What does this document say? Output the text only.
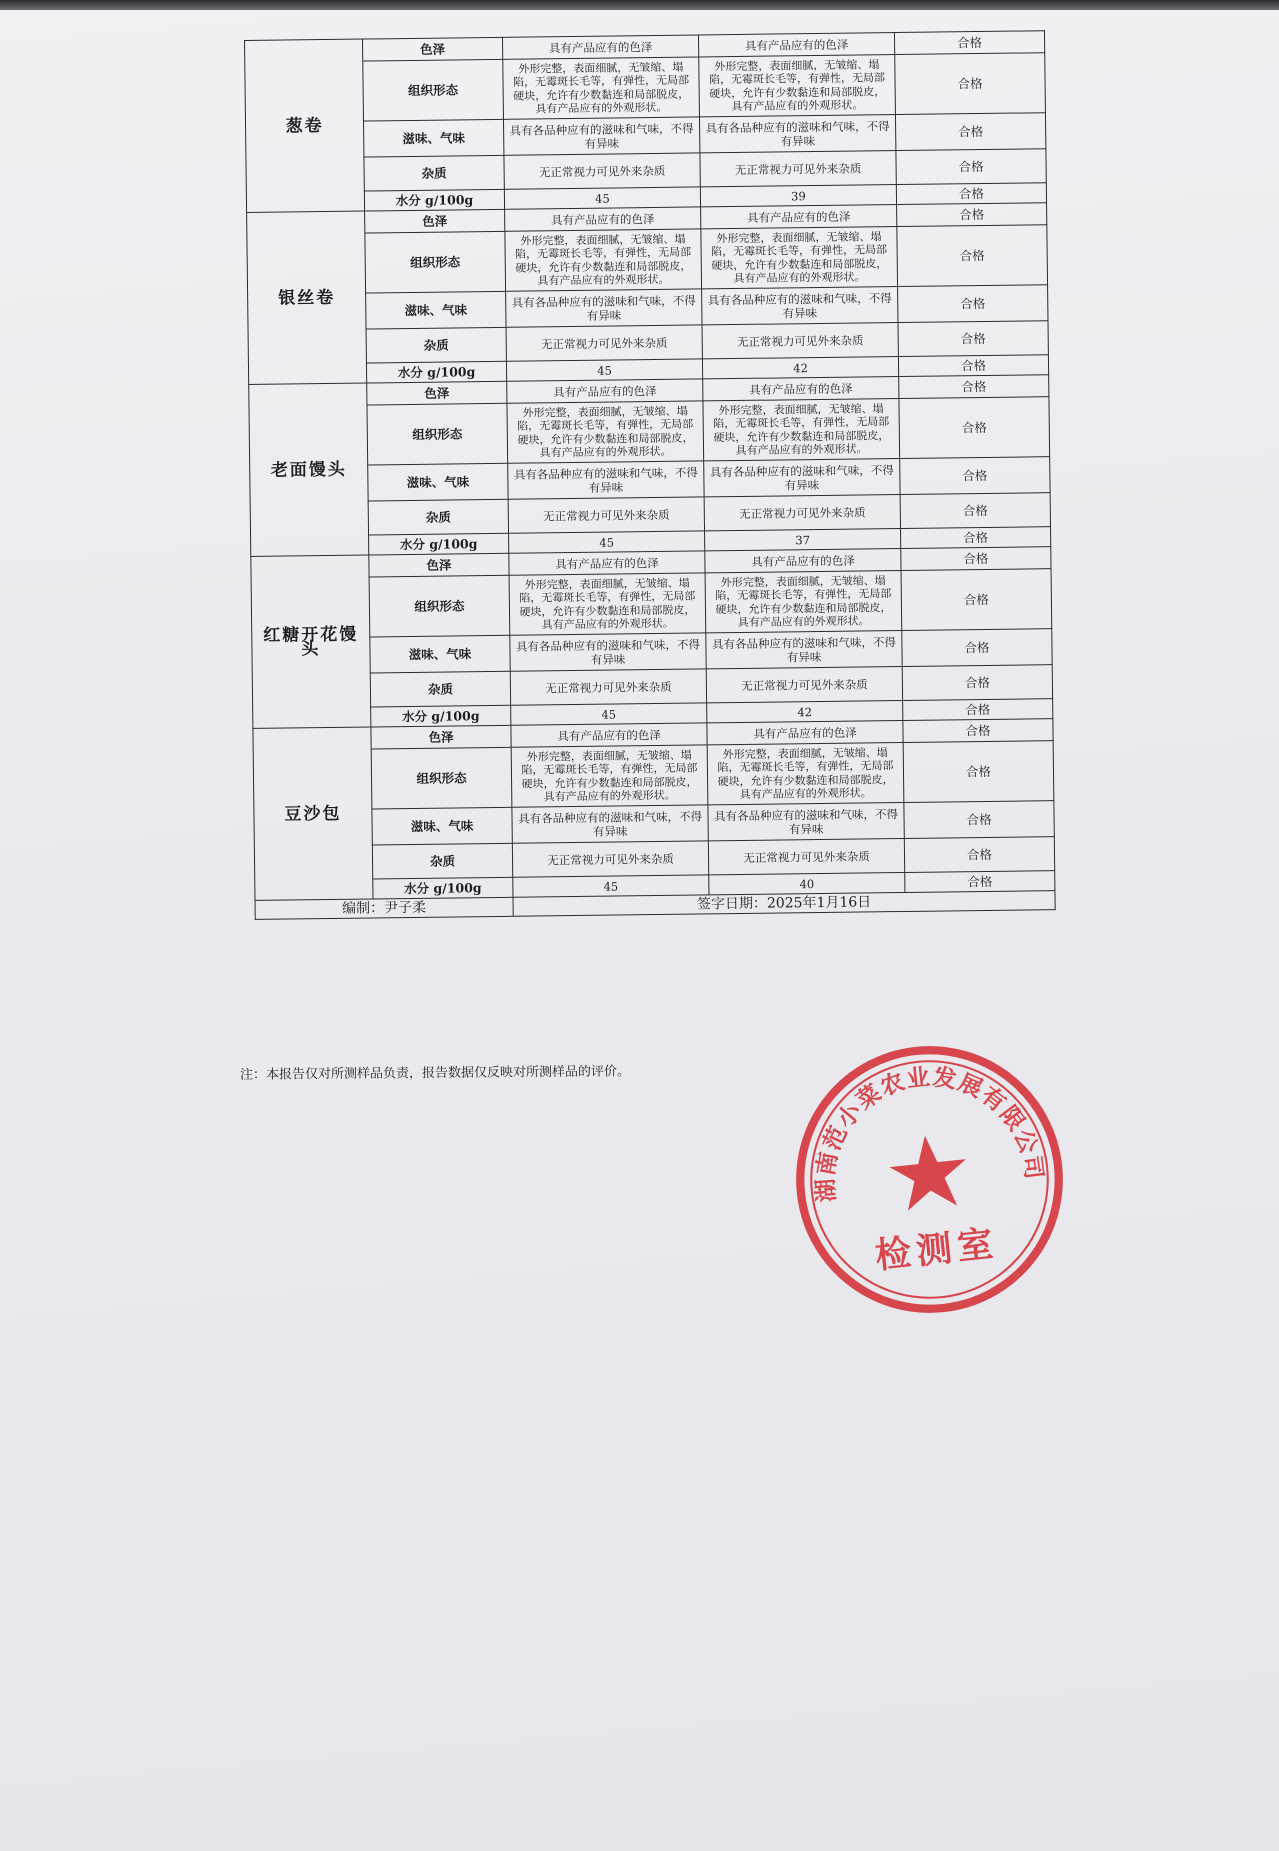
葱卷	色泽	具有产品应有的色泽	具有产品应有的色泽	合格
	组织形态	外形完整，表面细腻，无皱缩、塌陷，无霉斑长毛等，有弹性，无局部硬块，允许有少数黏连和局部脱皮，具有产品应有的外观形状。	外形完整，表面细腻，无皱缩、塌陷，无霉斑长毛等，有弹性，无局部硬块，允许有少数黏连和局部脱皮，具有产品应有的外观形状。	合格
	滋味、气味	具有各品种应有的滋味和气味，不得有异味	具有各品种应有的滋味和气味，不得有异味	合格
	杂质	无正常视力可见外来杂质	无正常视力可见外来杂质	合格
	水分 g/100g	45	39	合格
银丝卷	色泽	具有产品应有的色泽	具有产品应有的色泽	合格
	组织形态	外形完整，表面细腻，无皱缩、塌陷，无霉斑长毛等，有弹性，无局部硬块，允许有少数黏连和局部脱皮，具有产品应有的外观形状。	外形完整，表面细腻，无皱缩、塌陷，无霉斑长毛等，有弹性，无局部硬块，允许有少数黏连和局部脱皮，具有产品应有的外观形状。	合格
	滋味、气味	具有各品种应有的滋味和气味，不得有异味	具有各品种应有的滋味和气味，不得有异味	合格
	杂质	无正常视力可见外来杂质	无正常视力可见外来杂质	合格
	水分 g/100g	45	42	合格
老面馒头	色泽	具有产品应有的色泽	具有产品应有的色泽	合格
	组织形态	外形完整，表面细腻，无皱缩、塌陷，无霉斑长毛等，有弹性，无局部硬块，允许有少数黏连和局部脱皮，具有产品应有的外观形状。	外形完整，表面细腻，无皱缩、塌陷，无霉斑长毛等，有弹性，无局部硬块，允许有少数黏连和局部脱皮，具有产品应有的外观形状。	合格
	滋味、气味	具有各品种应有的滋味和气味，不得有异味	具有各品种应有的滋味和气味，不得有异味	合格
	杂质	无正常视力可见外来杂质	无正常视力可见外来杂质	合格
	水分 g/100g	45	37	合格
红糖开花馒头	色泽	具有产品应有的色泽	具有产品应有的色泽	合格
	组织形态	外形完整，表面细腻，无皱缩、塌陷，无霉斑长毛等，有弹性，无局部硬块，允许有少数黏连和局部脱皮，具有产品应有的外观形状。	外形完整，表面细腻，无皱缩、塌陷，无霉斑长毛等，有弹性，无局部硬块，允许有少数黏连和局部脱皮，具有产品应有的外观形状。	合格
	滋味、气味	具有各品种应有的滋味和气味，不得有异味	具有各品种应有的滋味和气味，不得有异味	合格
	杂质	无正常视力可见外来杂质	无正常视力可见外来杂质	合格
	水分 g/100g	45	42	合格
豆沙包	色泽	具有产品应有的色泽	具有产品应有的色泽	合格
	组织形态	外形完整，表面细腻，无皱缩、塌陷，无霉斑长毛等，有弹性，无局部硬块，允许有少数黏连和局部脱皮，具有产品应有的外观形状。	外形完整，表面细腻，无皱缩、塌陷，无霉斑长毛等，有弹性，无局部硬块，允许有少数黏连和局部脱皮，具有产品应有的外观形状。	合格
	滋味、气味	具有各品种应有的滋味和气味，不得有异味	具有各品种应有的滋味和气味，不得有异味	合格
	杂质	无正常视力可见外来杂质	无正常视力可见外来杂质	合格
	水分 g/100g	45	40	合格
编制：尹子柔		签字日期：2025年1月16日		
注：本报告仅对所测样品负责，报告数据仅反映对所测样品的评价。
湖南范小菜农业发展有限公司
检测室
